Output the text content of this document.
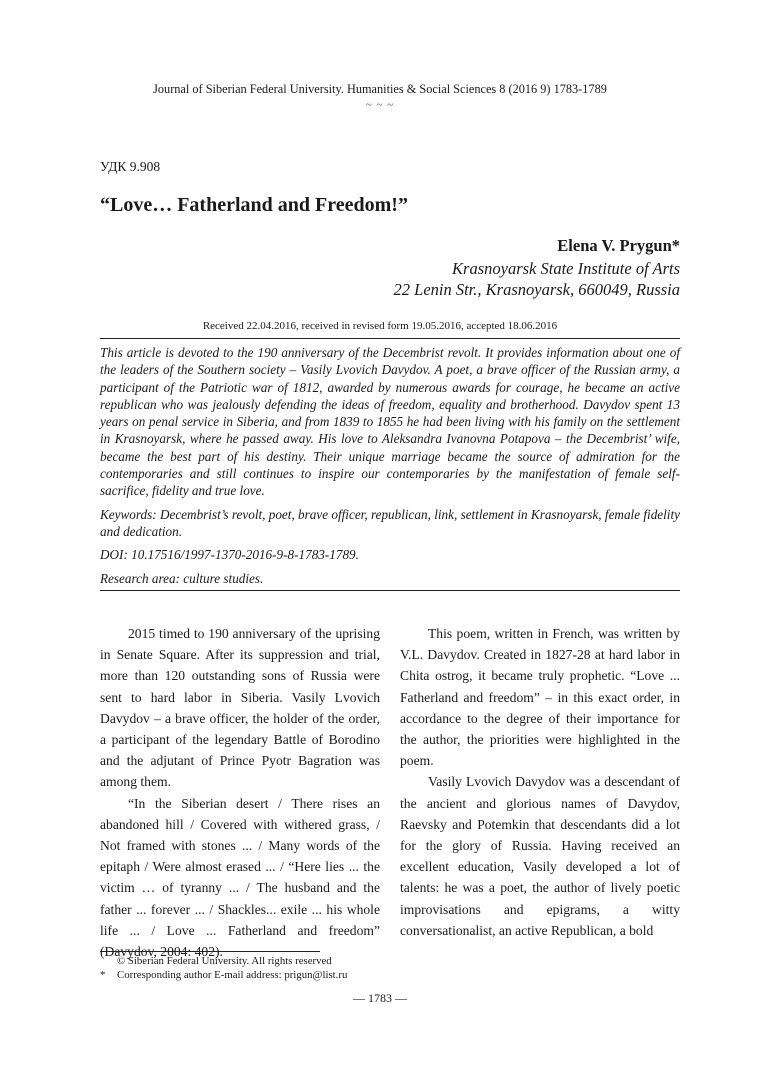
Journal of Siberian Federal University. Humanities & Social Sciences 8 (2016 9) 1783-1789
~ ~ ~
УДК 9.908
“Love… Fatherland and Freedom!”
Elena V. Prygun*
Krasnoyarsk State Institute of Arts
22 Lenin Str., Krasnoyarsk, 660049, Russia
Received 22.04.2016, received in revised form 19.05.2016, accepted 18.06.2016

This article is devoted to the 190 anniversary of the Decembrist revolt. It provides information about one of the leaders of the Southern society – Vasily Lvovich Davydov. A poet, a brave officer of the Russian army, a participant of the Patriotic war of 1812, awarded by numerous awards for courage, he became an active republican who was jealously defending the ideas of freedom, equality and brotherhood. Davydov spent 13 years on penal service in Siberia, and from 1839 to 1855 he had been living with his family on the settlement in Krasnoyarsk, where he passed away. His love to Aleksandra Ivanovna Potapova – the Decembrist’ wife, became the best part of his destiny. Their unique marriage became the source of admiration for the contemporaries and still continues to inspire our contemporaries by the manifestation of female self-sacrifice, fidelity and true love.

Keywords: Decembrist’s revolt, poet, brave officer, republican, link, settlement in Krasnoyarsk, female fidelity and dedication.

DOI: 10.17516/1997-1370-2016-9-8-1783-1789.

Research area: culture studies.

2015 timed to 190 anniversary of the uprising in Senate Square. After its suppression and trial, more than 120 outstanding sons of Russia were sent to hard labor in Siberia. Vasily Lvovich Davydov – a brave officer, the holder of the order, a participant of the legendary Battle of Borodino and the adjutant of Prince Pyotr Bagration was among them.

“In the Siberian desert / There rises an abandoned hill / Covered with withered grass, / Not framed with stones ... / Many words of the epitaph / Were almost erased ... / “Here lies ... the victim … of tyranny ... / The husband and the father ... forever ... / Shackles... exile ... his whole life ... / Love ... Fatherland and freedom” (Davydov, 2004: 402).

This poem, written in French, was written by V.L. Davydov. Created in 1827-28 at hard labor in Chita ostrog, it became truly prophetic. “Love ... Fatherland and freedom” – in this exact order, in accordance to the degree of their importance for the author, the priorities were highlighted in the poem.

Vasily Lvovich Davydov was a descendant of the ancient and glorious names of Davydov, Raevsky and Potemkin that descendants did a lot for the glory of Russia. Having received an excellent education, Vasily developed a lot of talents: he was a poet, the author of lively poetic improvisations and epigrams, a witty conversationalist, an active Republican, a bold

© Siberian Federal University. All rights reserved
* Corresponding author E-mail address: prigun@list.ru
— 1783 —
